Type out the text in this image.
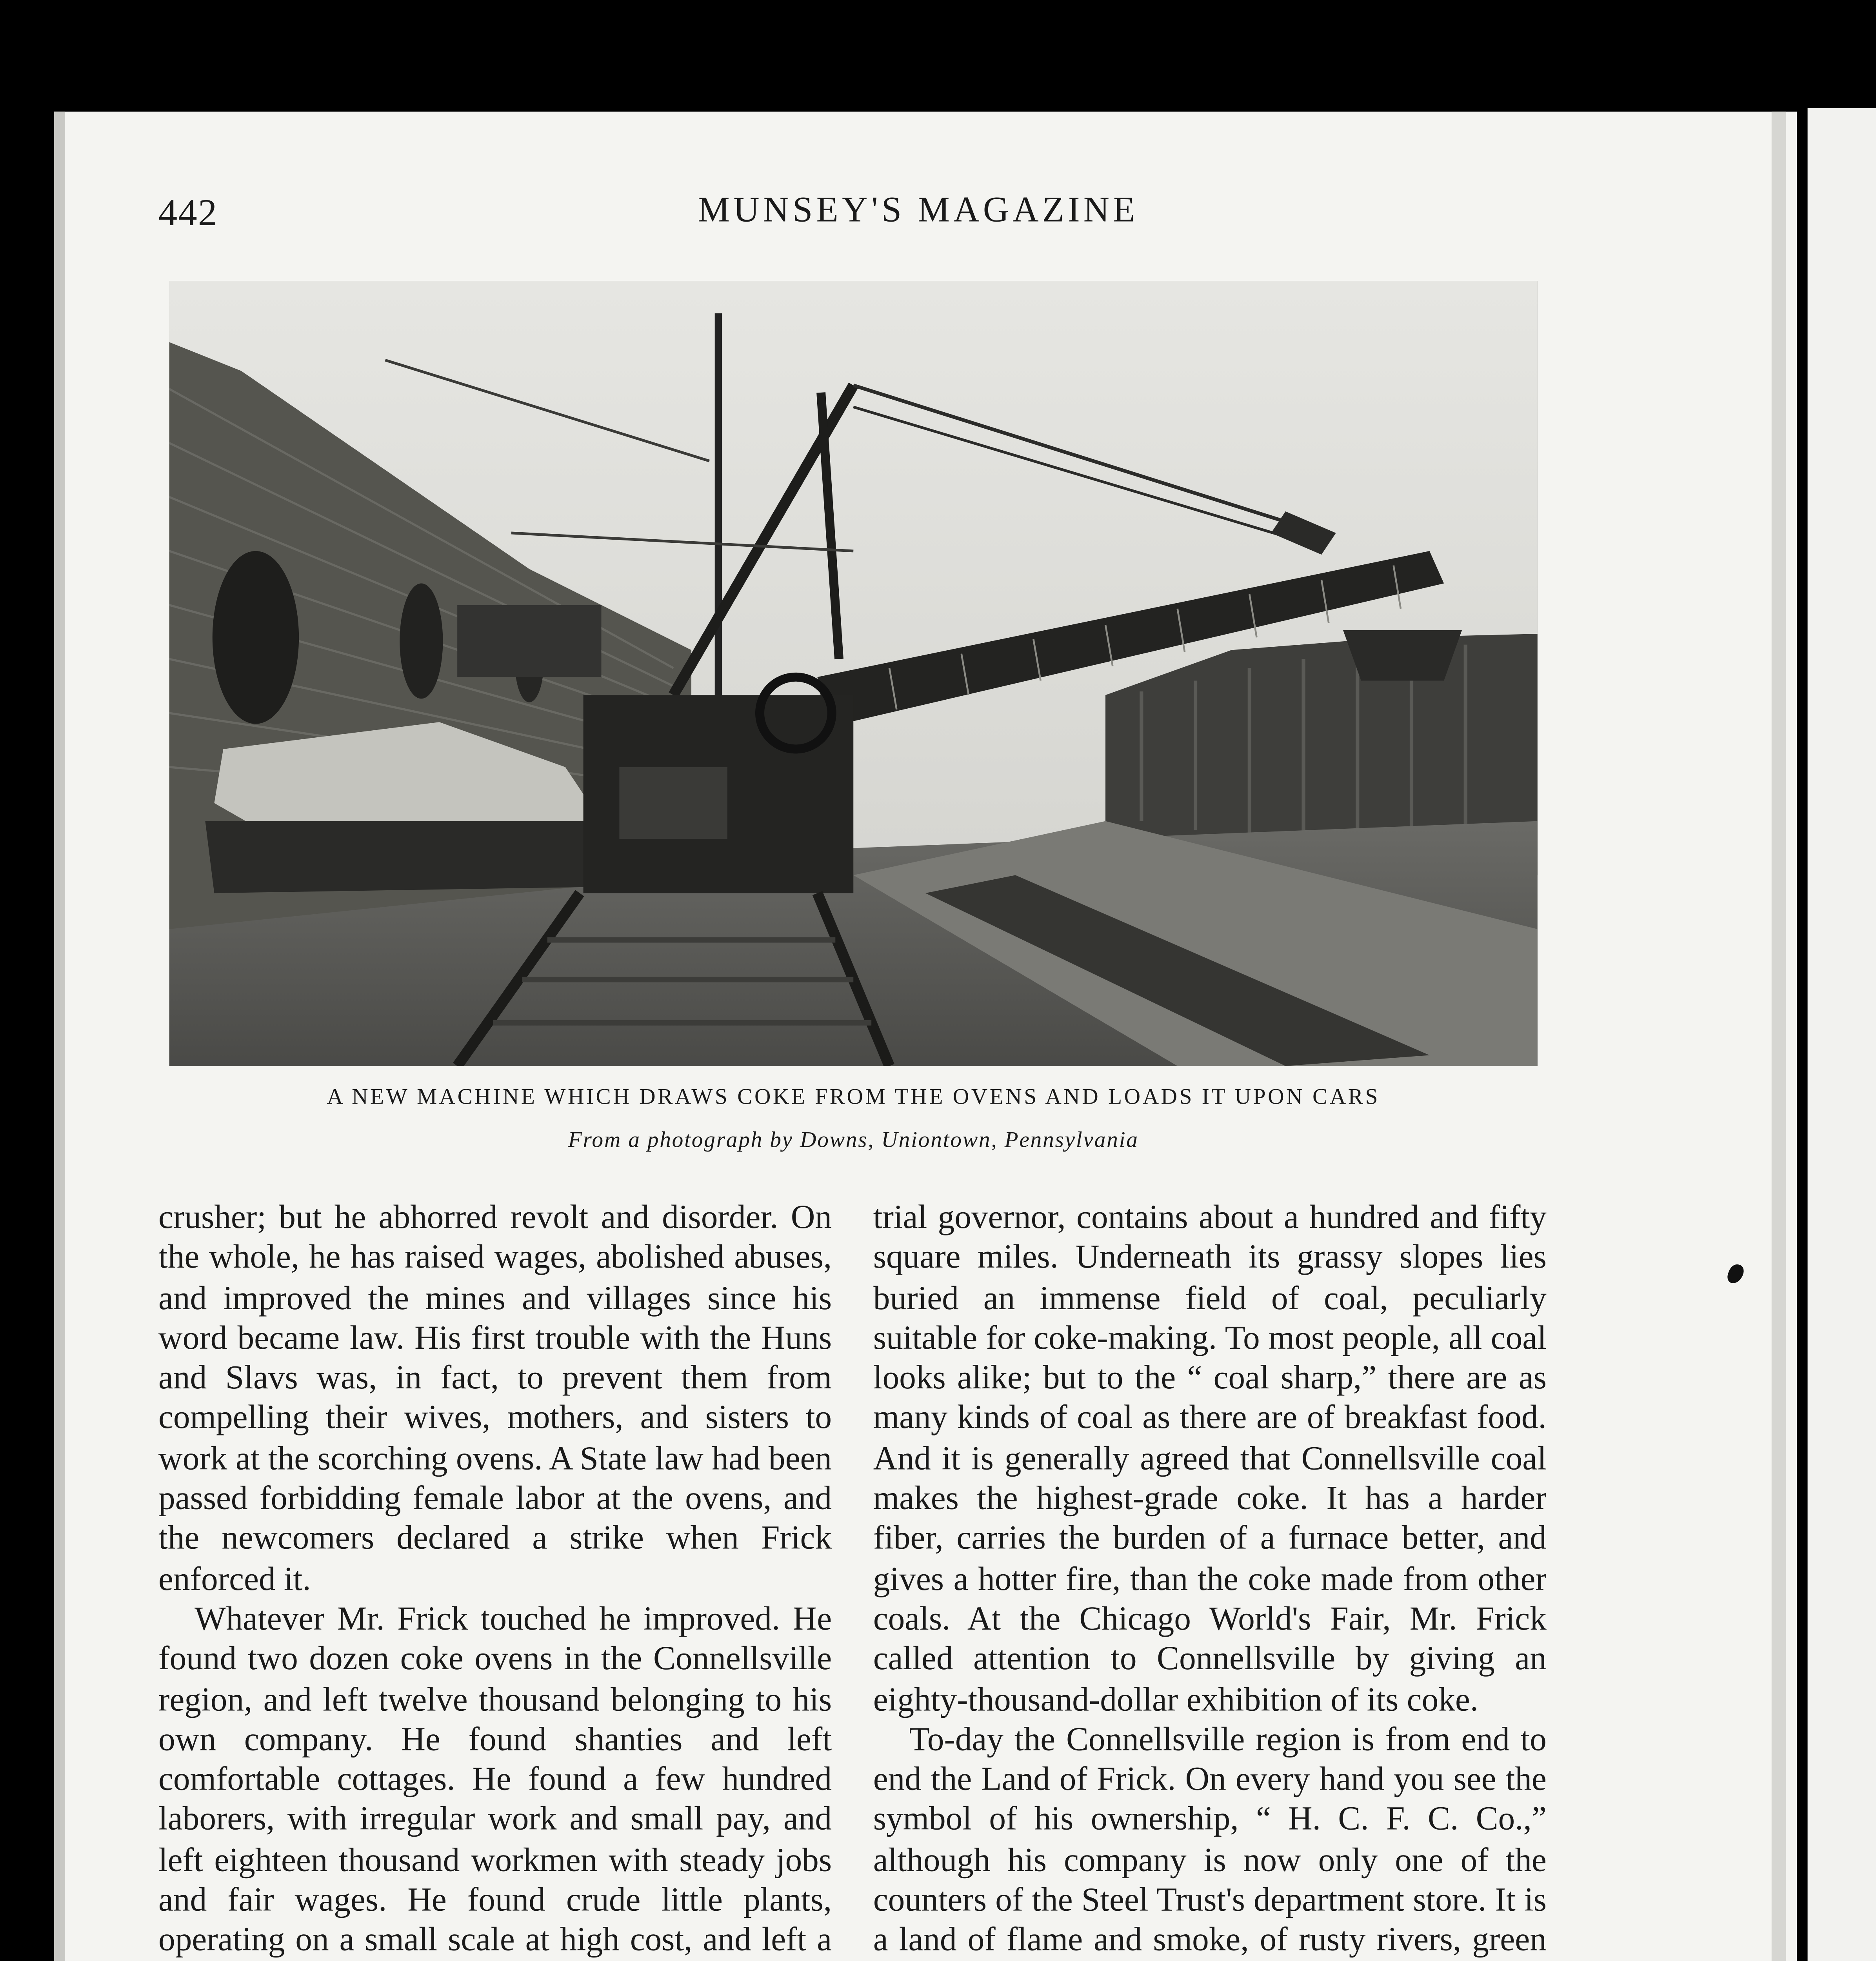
442	MUNSEY'S MAGAZINE
A NEW MACHINE WHICH DRAWS COKE FROM THE OVENS AND LOADS IT UPON CARS
From a photograph by Downs, Uniontown, Pennsylvania

crusher; but he abhorred revolt and disorder. On the whole, he has raised wages, abolished abuses, and improved the mines and villages since his word became law. His first trouble with the Huns and Slavs was, in fact, to prevent them from compelling their wives, mothers, and sisters to work at the scorching ovens. A State law had been passed forbidding female labor at the ovens, and the newcomers declared a strike when Frick enforced it.

Whatever Mr. Frick touched he improved. He found two dozen coke ovens in the Connellsville region, and left twelve thousand belonging to his own company. He found shanties and left comfortable cottages. He found a few hundred laborers, with irregular work and small pay, and left eighteen thousand workmen with steady jobs and fair wages. He found crude little plants, operating on a small scale at high cost, and left a

trial governor, contains about a hundred and fifty square miles. Underneath its grassy slopes lies buried an immense field of coal, peculiarly suitable for coke-making. To most people, all coal looks alike; but to the “ coal sharp,” there are as many kinds of coal as there are of breakfast food. And it is generally agreed that Connellsville coal makes the highest-grade coke. It has a harder fiber, carries the burden of a furnace better, and gives a hotter fire, than the coke made from other coals. At the Chicago World's Fair, Mr. Frick called attention to Connellsville by giving an eighty-thousand-dollar exhibition of its coke.

To-day the Connellsville region is from end to end the Land of Frick. On every hand you see the symbol of his ownership, “ H. C. F. C. Co.,” although his company is now only one of the counters of the Steel Trust's department store. It is a land of flame and smoke, of rusty rivers, green
